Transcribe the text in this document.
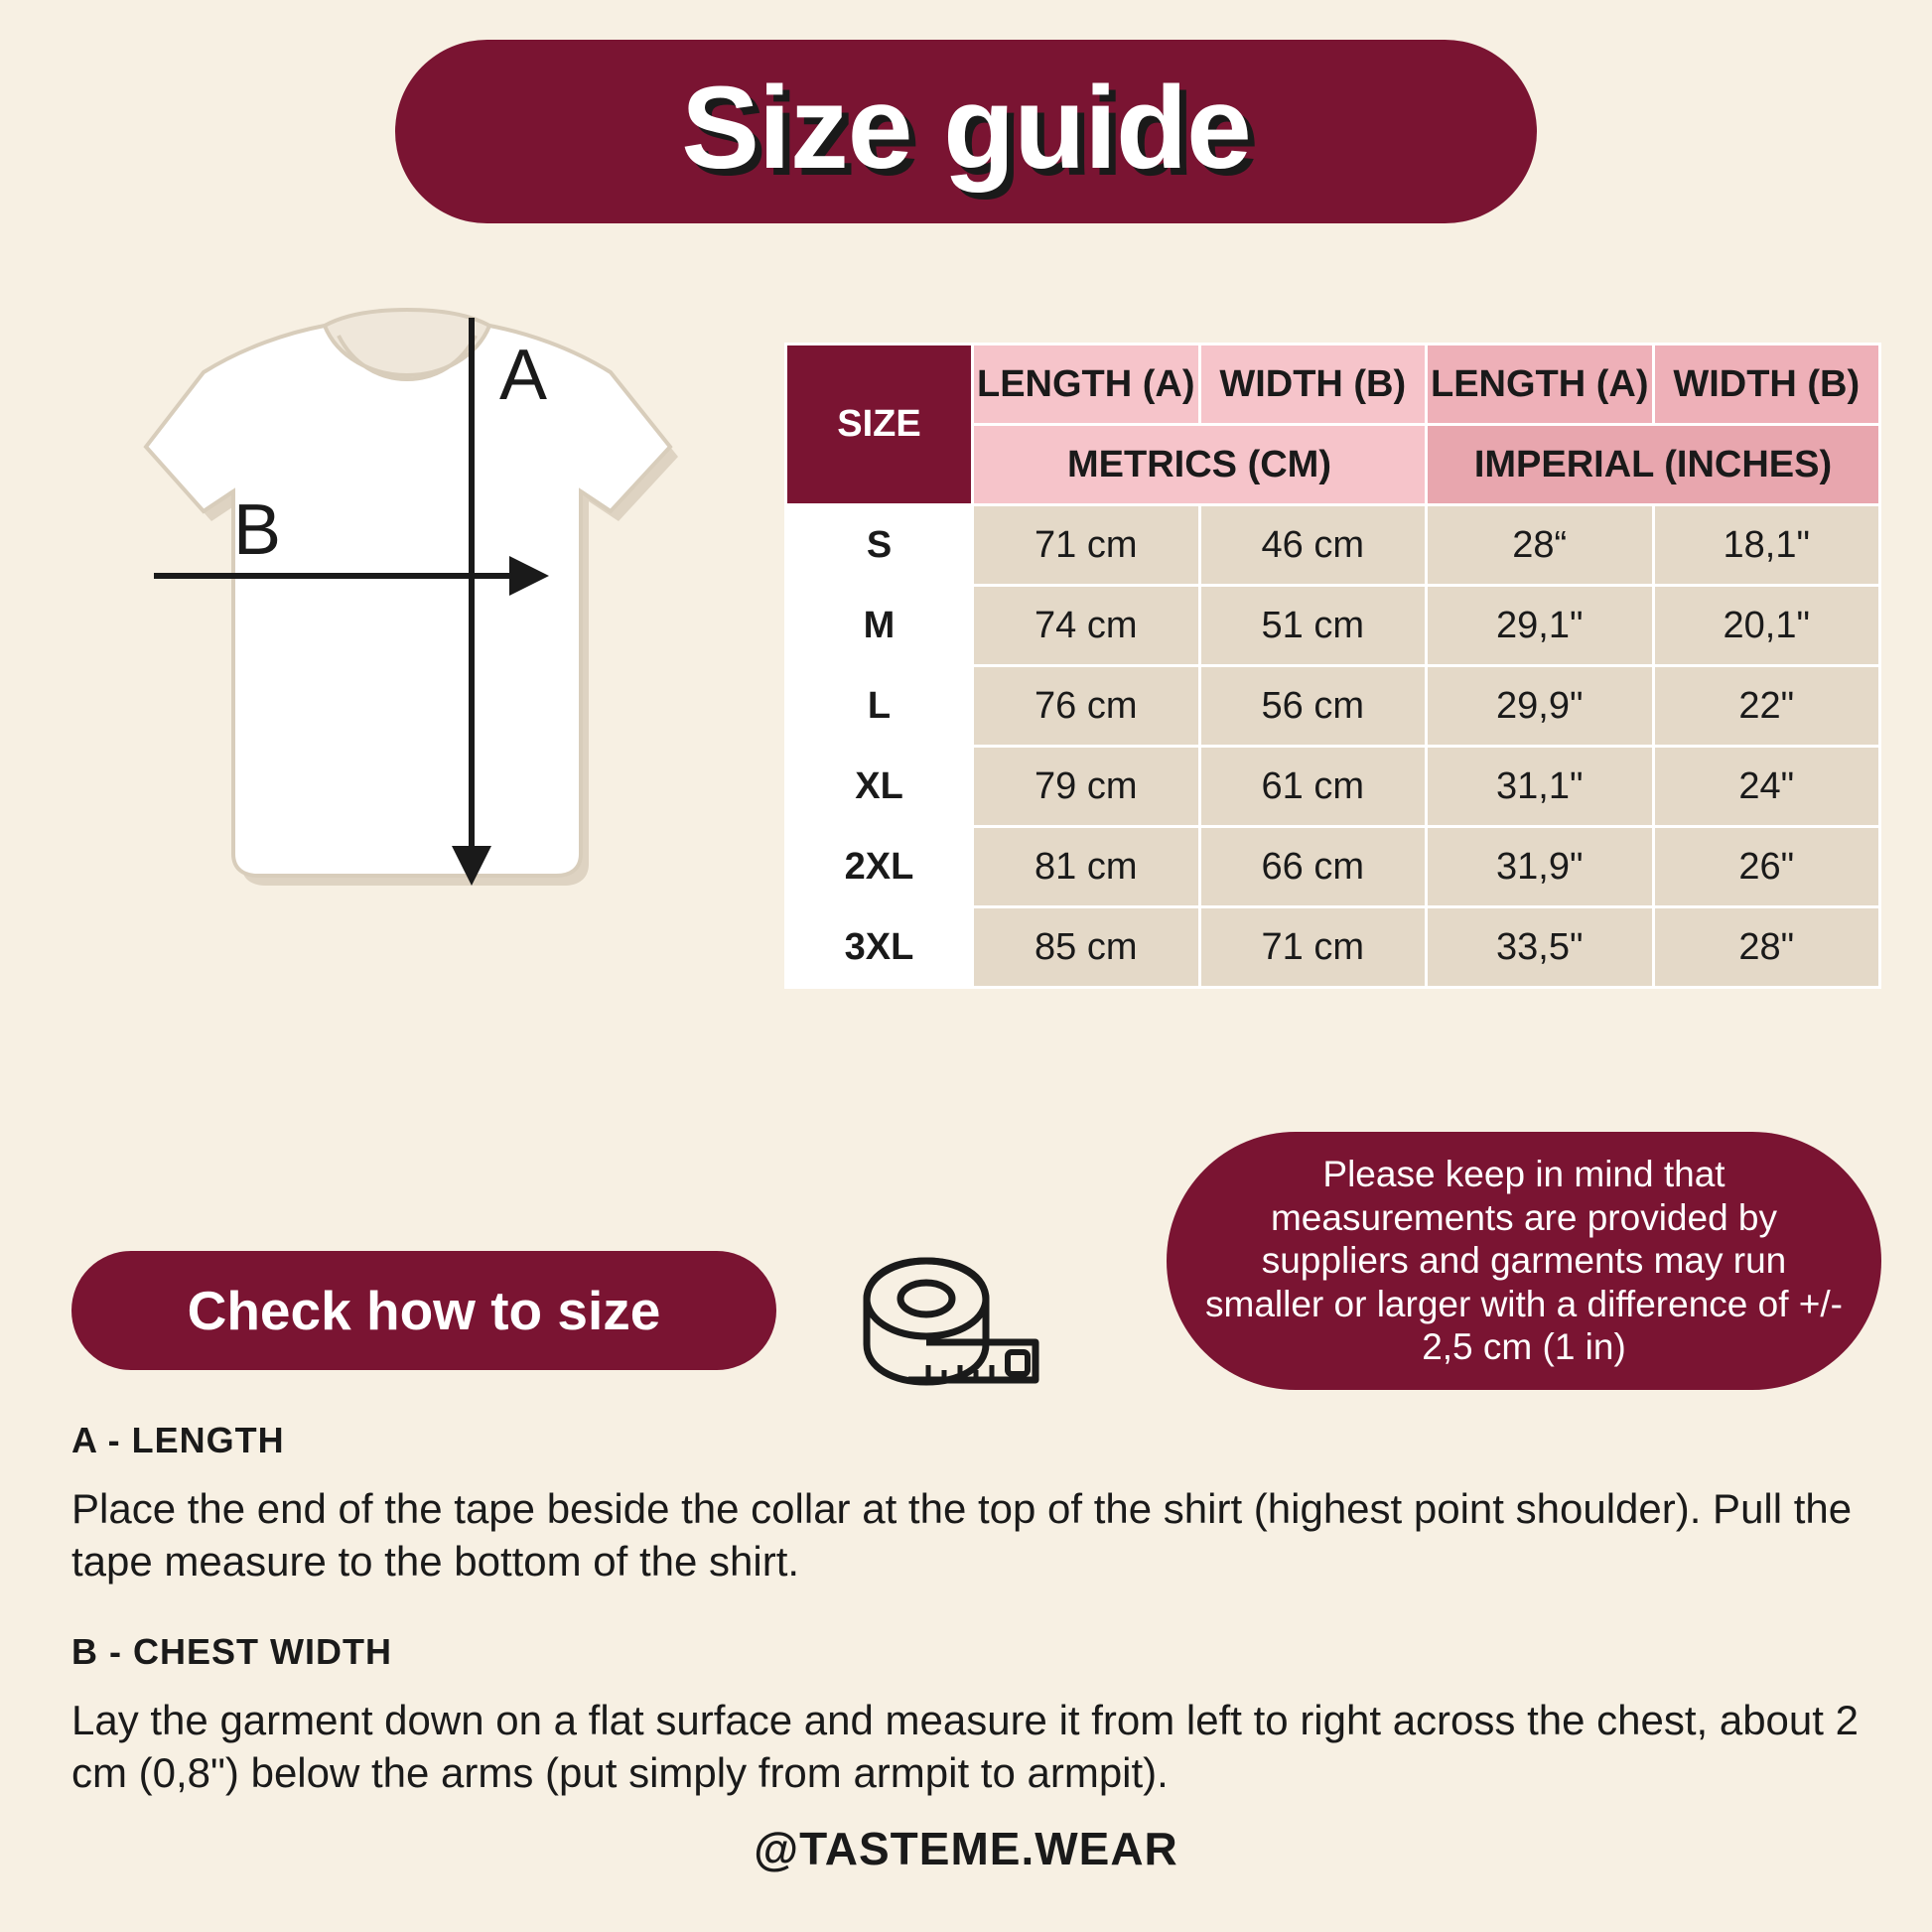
Size guide
A
B
SIZE	LENGTH (A)	WIDTH (B)	LENGTH (A)	WIDTH (B)
	METRICS (CM)		IMPERIAL (INCHES)	
S	71 cm	46 cm	28“	18,1"
M	74 cm	51 cm	29,1"	20,1"
L	76 cm	56 cm	29,9"	22"
XL	79 cm	61 cm	31,1"	24"
2XL	81 cm	66 cm	31,9"	26"
3XL	85 cm	71 cm	33,5"	28"
Check how to size
Please keep in mind that measurements are provided by suppliers and garments may run smaller or larger with a difference of +/- 2,5 cm (1 in)

A - LENGTH

Place the end of the tape beside the collar at the top of the shirt (highest point shoulder). Pull the tape measure to the bottom of the shirt.

B - CHEST WIDTH

Lay the garment down on a flat surface and measure it from left to right across the chest, about 2 cm (0,8") below the arms (put simply from armpit to armpit).

@TASTEME.WEAR
